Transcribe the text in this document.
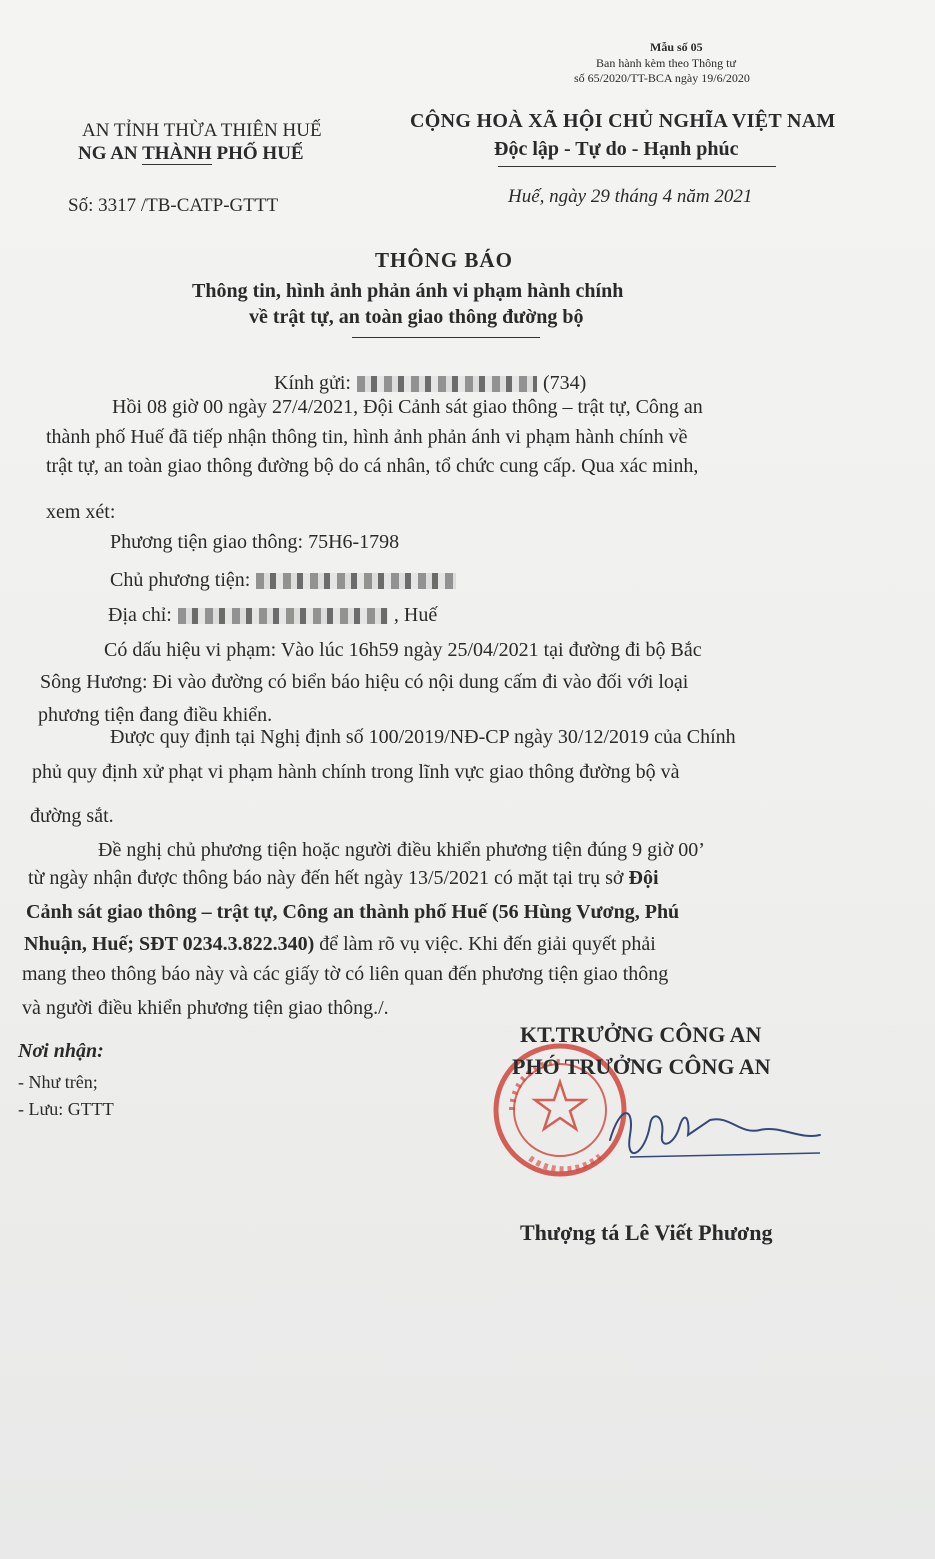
Mẫu số 05
Ban hành kèm theo Thông tư
số 65/2020/TT-BCA ngày 19/6/2020
AN TỈNH THỪA THIÊN HUẾ
NG AN THÀNH PHỐ HUẾ
CỘNG HOÀ XÃ HỘI CHỦ NGHĨA VIỆT NAM
Độc lập - Tự do - Hạnh phúc
Số: 3317 /TB-CATP-GTTT	Huế, ngày 29 tháng 4 năm 2021
THÔNG BÁO
Thông tin, hình ảnh phản ánh vi phạm hành chính
về trật tự, an toàn giao thông đường bộ
Kính gửi:	(734)
Hồi 08 giờ 00 ngày 27/4/2021, Đội Cảnh sát giao thông – trật tự, Công an
thành phố Huế đã tiếp nhận thông tin, hình ảnh phản ánh vi phạm hành chính về
trật tự, an toàn giao thông đường bộ do cá nhân, tổ chức cung cấp. Qua xác minh,
xem xét:
Phương tiện giao thông: 75H6-1798
Chủ phương tiện:
Địa chỉ:	, Huế
Có dấu hiệu vi phạm: Vào lúc 16h59 ngày 25/04/2021 tại đường đi bộ Bắc
Sông Hương: Đi vào đường có biển báo hiệu có nội dung cấm đi vào đối với loại
phương tiện đang điều khiển.
Được quy định tại Nghị định số 100/2019/NĐ-CP ngày 30/12/2019 của Chính
phủ quy định xử phạt vi phạm hành chính trong lĩnh vực giao thông đường bộ và
đường sắt.
Đề nghị chủ phương tiện hoặc người điều khiển phương tiện đúng 9 giờ 00’
từ ngày nhận được thông báo này đến hết ngày 13/5/2021 có mặt tại trụ sở Đội
Cảnh sát giao thông – trật tự, Công an thành phố Huế (56 Hùng Vương, Phú
Nhuận, Huế; SĐT 0234.3.822.340) để làm rõ vụ việc. Khi đến giải quyết phải
mang theo thông báo này và các giấy tờ có liên quan đến phương tiện giao thông
và người điều khiển phương tiện giao thông./.
Nơi nhận:
- Như trên;
- Lưu: GTTT
KT.TRƯỞNG CÔNG AN
PHÓ TRƯỞNG CÔNG AN
Thượng tá Lê Viết Phương
